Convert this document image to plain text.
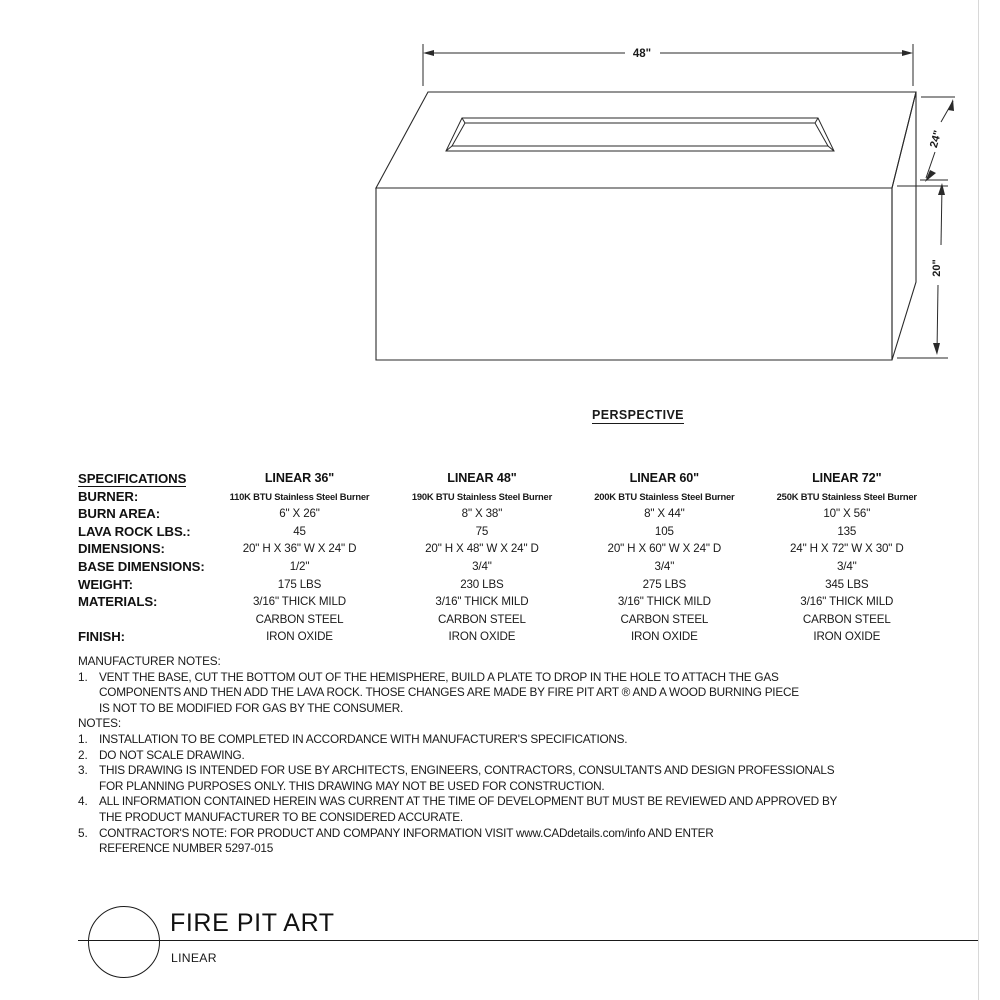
48"
24"
20"
PERSPECTIVE
SPECIFICATIONS	LINEAR 36"	LINEAR 48"	LINEAR 60"	LINEAR 72"

BURNER:	110K BTU Stainless Steel Burner	190K BTU Stainless Steel Burner	200K BTU Stainless Steel Burner	250K BTU Stainless Steel Burner

BURN AREA:	6" X 26"	8" X 38"	8" X 44"	10" X 56"

LAVA ROCK LBS.:	45	75	105	135

DIMENSIONS:	20" H X 36" W X 24" D	20" H X 48" W X 24" D	20" H X 60" W X 24" D	24" H X 72" W X 30" D

BASE DIMENSIONS:	1/2"	3/4"	3/4"	3/4"

WEIGHT:	175 LBS	230 LBS	275 LBS	345 LBS

MATERIALS:	3/16" THICK MILD	3/16" THICK MILD	3/16" THICK MILD	3/16" THICK MILD

	CARBON STEEL	CARBON STEEL	CARBON STEEL	CARBON STEEL

FINISH:	IRON OXIDE	IRON OXIDE	IRON OXIDE	IRON OXIDE
MANUFACTURER NOTES:
1. VENT THE BASE, CUT THE BOTTOM OUT OF THE HEMISPHERE, BUILD A PLATE TO DROP IN THE HOLE TO ATTACH THE GAS
COMPONENTS AND THEN ADD THE LAVA ROCK. THOSE CHANGES ARE MADE BY FIRE PIT ART ® AND A WOOD BURNING PIECE
IS NOT TO BE MODIFIED FOR GAS BY THE CONSUMER.
NOTES:
1. INSTALLATION TO BE COMPLETED IN ACCORDANCE WITH MANUFACTURER'S SPECIFICATIONS.
2. DO NOT SCALE DRAWING.
3. THIS DRAWING IS INTENDED FOR USE BY ARCHITECTS, ENGINEERS, CONTRACTORS, CONSULTANTS AND DESIGN PROFESSIONALS
FOR PLANNING PURPOSES ONLY. THIS DRAWING MAY NOT BE USED FOR CONSTRUCTION.
4. ALL INFORMATION CONTAINED HEREIN WAS CURRENT AT THE TIME OF DEVELOPMENT BUT MUST BE REVIEWED AND APPROVED BY
THE PRODUCT MANUFACTURER TO BE CONSIDERED ACCURATE.
5. CONTRACTOR'S NOTE: FOR PRODUCT AND COMPANY INFORMATION VISIT www.CADdetails.com/info AND ENTER
REFERENCE NUMBER 5297-015
FIRE PIT ART
LINEAR
